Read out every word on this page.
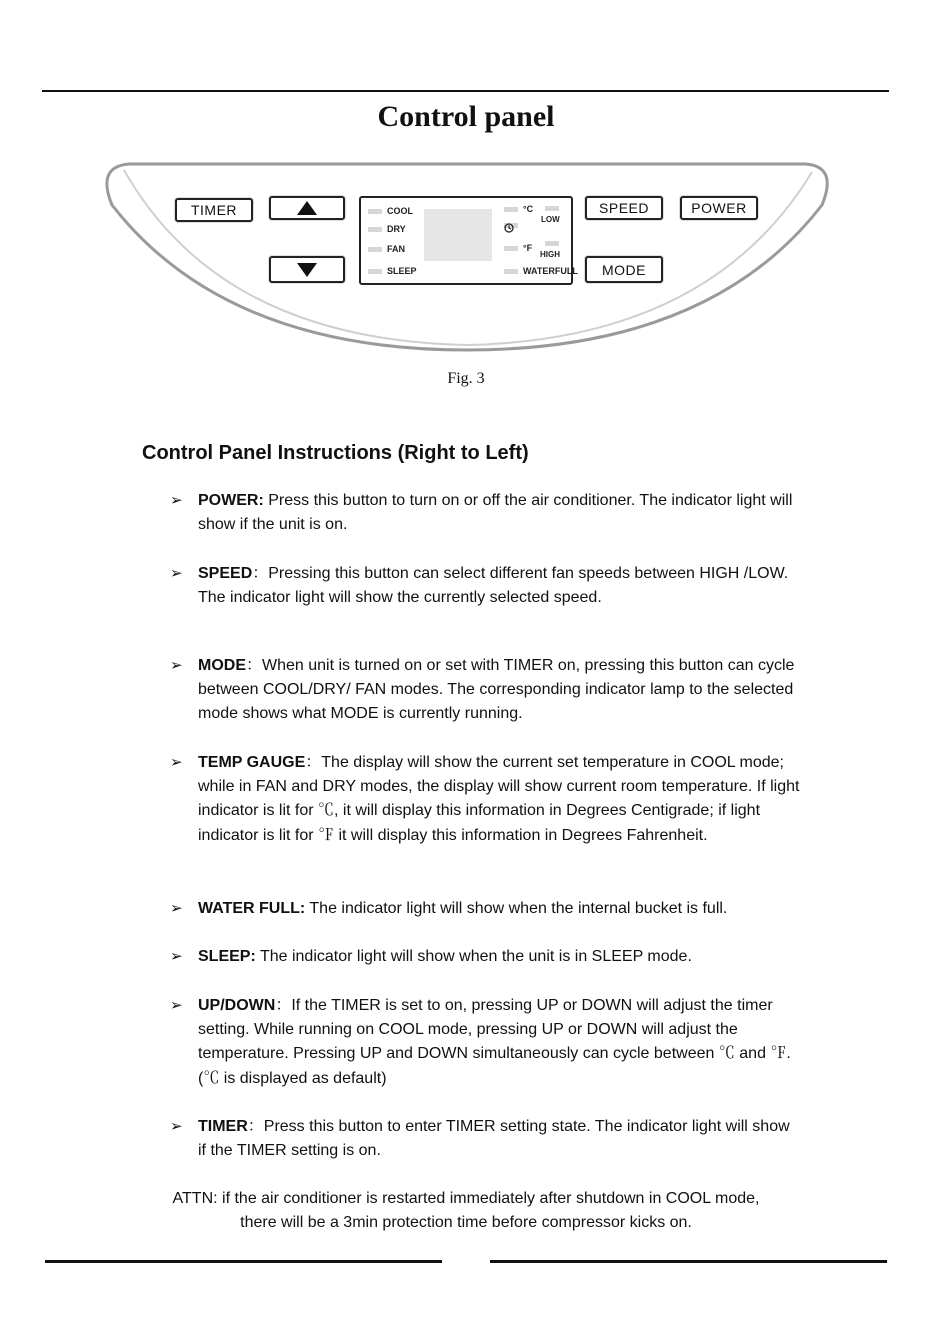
Control panel
TIMER	COOL
DRY
FAN
SLEEP
°C
°F
WATERFULL
LOW
HIGH
SPEED	POWER
MODE
Fig. 3
Control Panel Instructions (Right to Left)
➢ POWER: Press this button to turn on or off the air conditioner. The indicator light will show if the unit is on.
➢ SPEED：Pressing this button can select different fan speeds between HIGH /LOW.
The indicator light will show the currently selected speed.
➢ MODE：When unit is turned on or set with TIMER on, pressing this button can cycle between COOL/DRY/ FAN modes. The corresponding indicator lamp to the selected mode shows what MODE is currently running.
➢ TEMP GAUGE：The display will show the current set temperature in COOL mode; while in FAN and DRY modes, the display will show current room temperature. If light indicator is lit for ℃, it will display this information in Degrees Centigrade; if light indicator is lit for ℉ it will display this information in Degrees Fahrenheit.
➢ WATER FULL: The indicator light will show when the internal bucket is full.
➢ SLEEP: The indicator light will show when the unit is in SLEEP mode.
➢ UP/DOWN：If the TIMER is set to on, pressing UP or DOWN will adjust the timer setting. While running on COOL mode, pressing UP or DOWN will adjust the temperature. Pressing UP and DOWN simultaneously can cycle between ℃ and ℉. (℃ is displayed as default)
➢ TIMER：Press this button to enter TIMER setting state. The indicator light will show if the TIMER setting is on.
ATTN: if the air conditioner is restarted immediately after shutdown in COOL mode,
there will be a 3min protection time before compressor kicks on.
